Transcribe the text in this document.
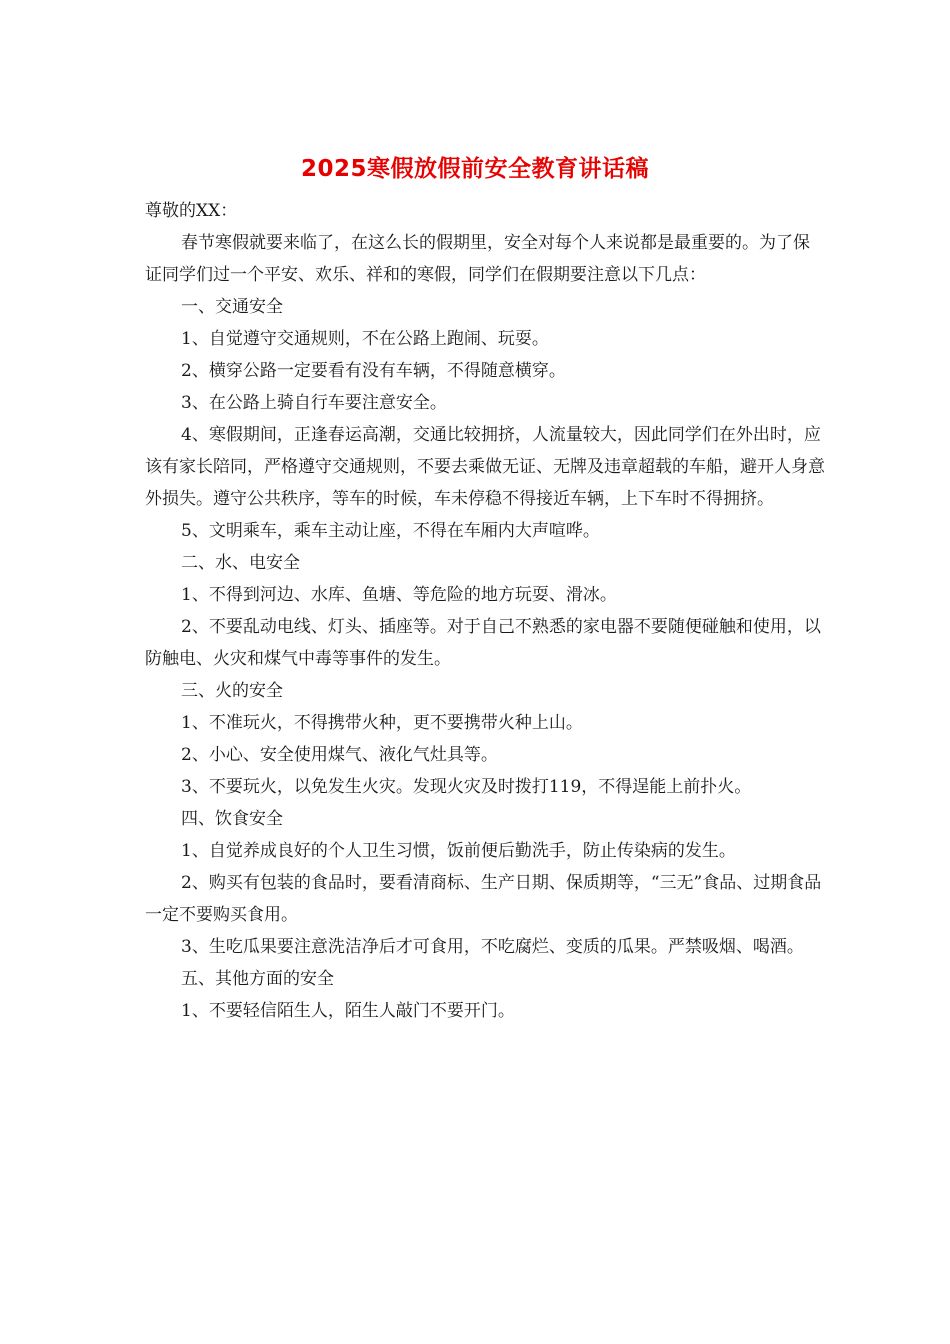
2025寒假放假前安全教育讲话稿

尊敬的XX：

春节寒假就要来临了，在这么长的假期里，安全对每个人来说都是最重要的。为了保证同学们过一个平安、欢乐、祥和的寒假，同学们在假期要注意以下几点：

一、交通安全

1、自觉遵守交通规则，不在公路上跑闹、玩耍。

2、横穿公路一定要看有没有车辆，不得随意横穿。

3、在公路上骑自行车要注意安全。

4、寒假期间，正逢春运高潮，交通比较拥挤，人流量较大，因此同学们在外出时，应该有家长陪同，严格遵守交通规则，不要去乘做无证、无牌及违章超载的车船，避开人身意外损失。遵守公共秩序，等车的时候，车未停稳不得接近车辆，上下车时不得拥挤。

5、文明乘车，乘车主动让座，不得在车厢内大声喧哗。

二、水、电安全

1、不得到河边、水库、鱼塘、等危险的地方玩耍、滑冰。

2、不要乱动电线、灯头、插座等。对于自己不熟悉的家电器不要随便碰触和使用，以防触电、火灾和煤气中毒等事件的发生。

三、火的安全

1、不准玩火，不得携带火种，更不要携带火种上山。

2、小心、安全使用煤气、液化气灶具等。

3、不要玩火，以免发生火灾。发现火灾及时拨打119，不得逞能上前扑火。

四、饮食安全

1、自觉养成良好的个人卫生习惯，饭前便后勤洗手，防止传染病的发生。

2、购买有包装的食品时，要看清商标、生产日期、保质期等，“三无”食品、过期食品一定不要购买食用。

3、生吃瓜果要注意洗洁净后才可食用，不吃腐烂、变质的瓜果。严禁吸烟、喝酒。

五、其他方面的安全

1、不要轻信陌生人，陌生人敲门不要开门。
